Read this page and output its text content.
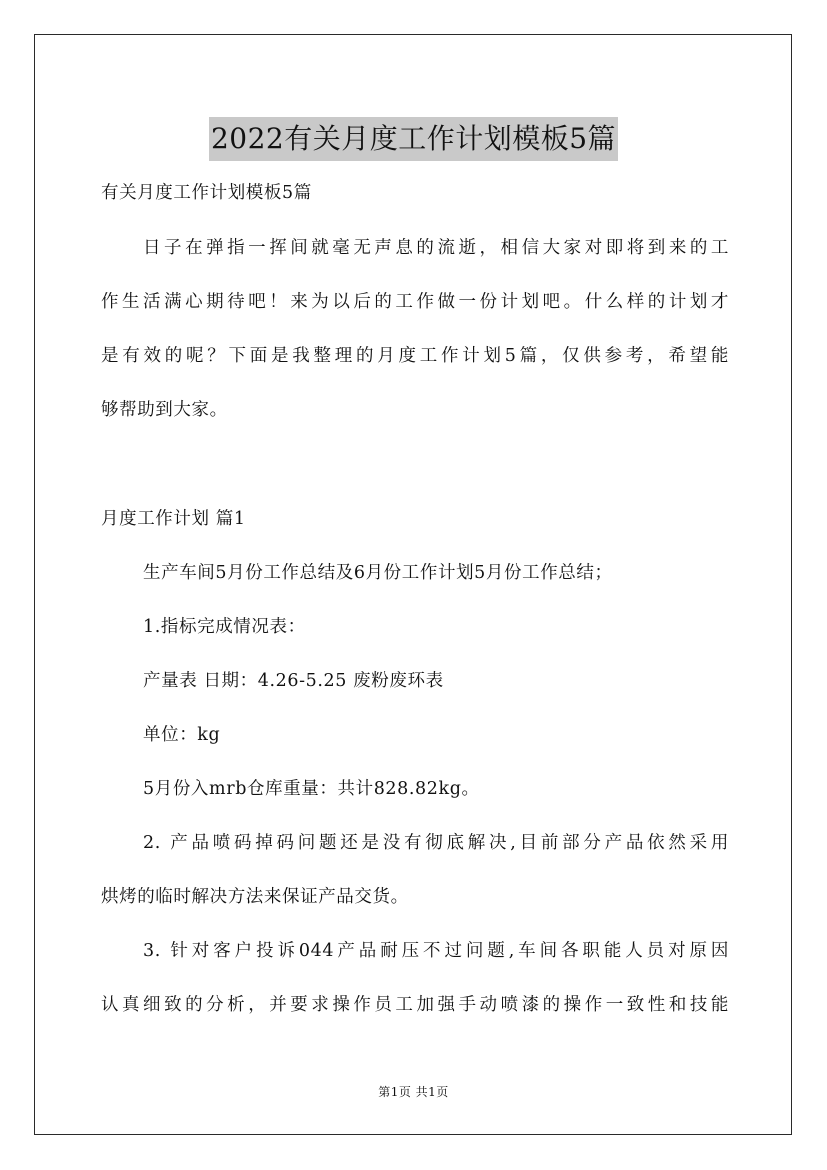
2022有关月度工作计划模板5篇
有关月度工作计划模板5篇
日子在弹指一挥间就毫无声息的流逝，相信大家对即将到来的工
作生活满心期待吧！来为以后的工作做一份计划吧。什么样的计划才
是有效的呢？下面是我整理的月度工作计划5篇，仅供参考，希望能
够帮助到大家。
月度工作计划 篇1
生产车间5月份工作总结及6月份工作计划5月份工作总结；
1.指标完成情况表：
产量表 日期：4.26-5.25 废粉废环表
单位：kg
5月份入mrb仓库重量：共计828.82kg。
2. 产品喷码掉码问题还是没有彻底解决,目前部分产品依然采用
烘烤的临时解决方法来保证产品交货。
3. 针对客户投诉044产品耐压不过问题,车间各职能人员对原因
认真细致的分析，并要求操作员工加强手动喷漆的操作一致性和技能
第1页 共1页
